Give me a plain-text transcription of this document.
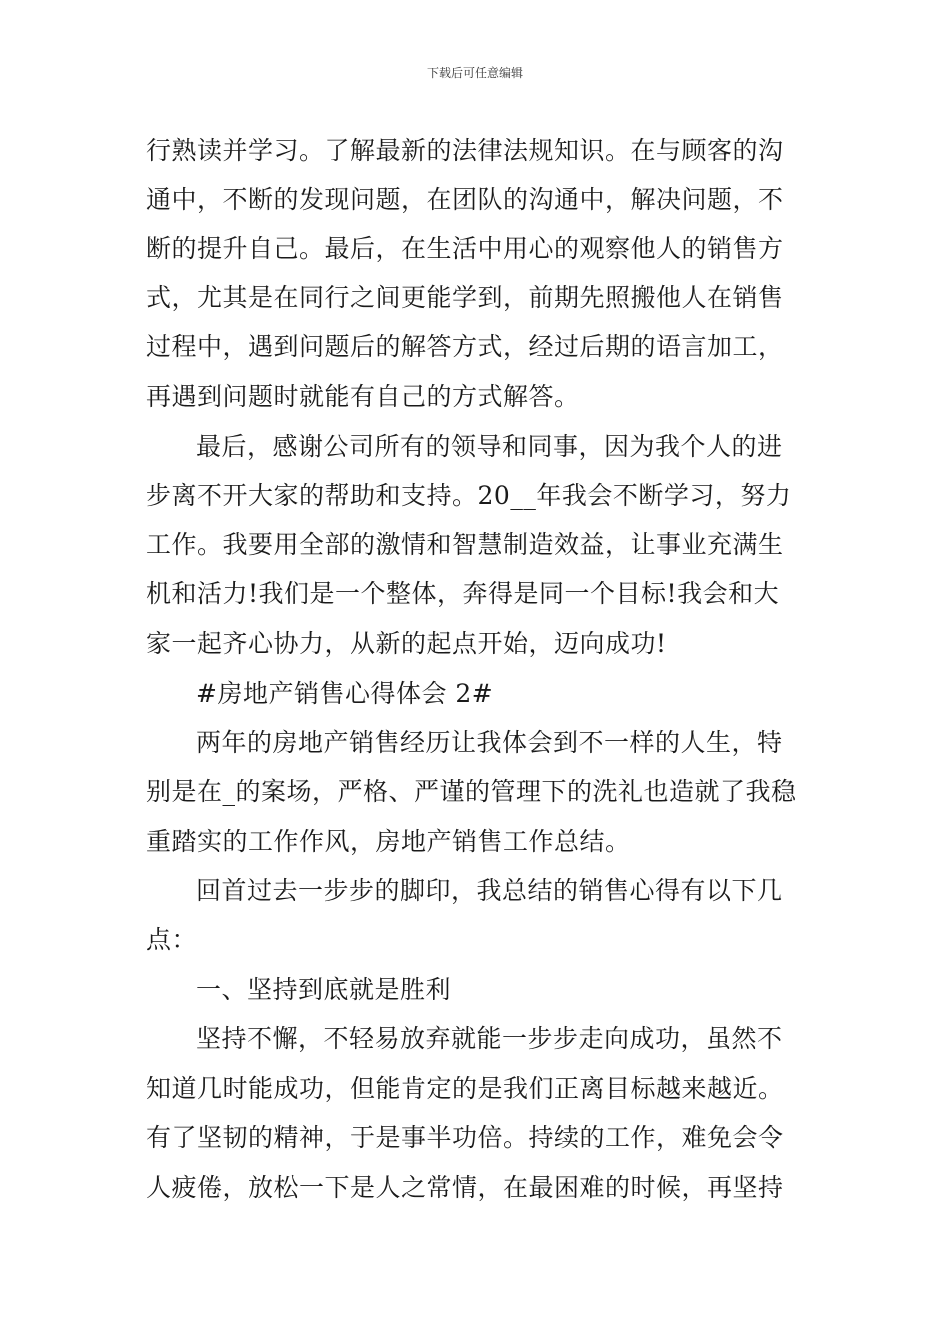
下载后可任意编辑
行熟读并学习。了解最新的法律法规知识。在与顾客的沟
通中，不断的发现问题，在团队的沟通中，解决问题，不
断的提升自己。最后，在生活中用心的观察他人的销售方
式，尤其是在同行之间更能学到，前期先照搬他人在销售
过程中，遇到问题后的解答方式，经过后期的语言加工，
再遇到问题时就能有自己的方式解答。
最后，感谢公司所有的领导和同事，因为我个人的进
步离不开大家的帮助和支持。20__年我会不断学习，努力
工作。我要用全部的激情和智慧制造效益，让事业充满生
机和活力!我们是一个整体，奔得是同一个目标!我会和大
家一起齐心协力，从新的起点开始，迈向成功!
#房地产销售心得体会 2#
两年的房地产销售经历让我体会到不一样的人生，特
别是在_的案场，严格、严谨的管理下的洗礼也造就了我稳
重踏实的工作作风，房地产销售工作总结。
回首过去一步步的脚印，我总结的销售心得有以下几
点：
一、坚持到底就是胜利
坚持不懈，不轻易放弃就能一步步走向成功，虽然不
知道几时能成功，但能肯定的是我们正离目标越来越近。
有了坚韧的精神，于是事半功倍。持续的工作，难免会令
人疲倦，放松一下是人之常情，在最困难的时候，再坚持
